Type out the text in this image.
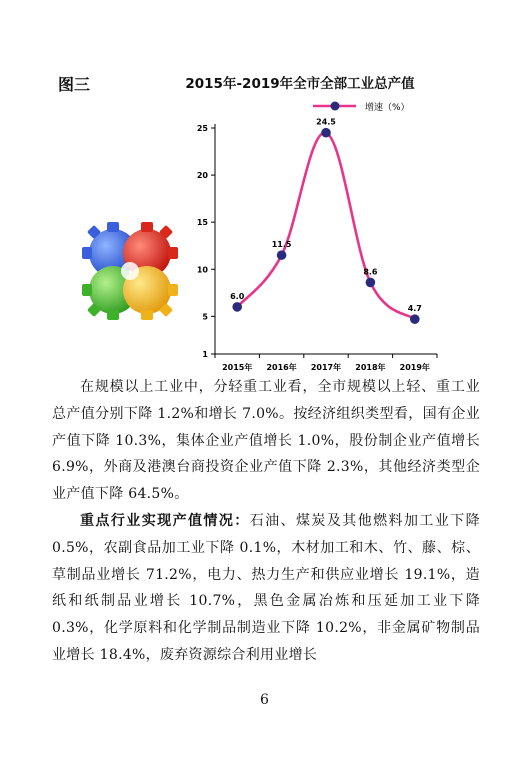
图三	2015年-2019年全市全部工业总产值
增速（%）
1
5
10
15
20
25
2015年 2016年 2017年 2018年 2019年
6.0
11.5
24.5
8.6
4.7

在规模以上工业中，分轻重工业看，全市规模以上轻、重工业总产值分别下降 1.2%和增长 7.0%。按经济组织类型看，国有企业产值下降 10.3%，集体企业产值增长 1.0%，股份制企业产值增长 6.9%，外商及港澳台商投资企业产值下降 2.3%，其他经济类型企业产值下降 64.5%。

重点行业实现产值情况：石油、煤炭及其他燃料加工业下降 0.5%，农副食品加工业下降 0.1%，木材加工和木、竹、藤、棕、草制品业增长 71.2%，电力、热力生产和供应业增长 19.1%，造纸和纸制品业增长 10.7%，黑色金属冶炼和压延加工业下降 0.3%，化学原料和化学制品制造业下降 10.2%，非金属矿物制品业增长 18.4%，废弃资源综合利用业增长

6
